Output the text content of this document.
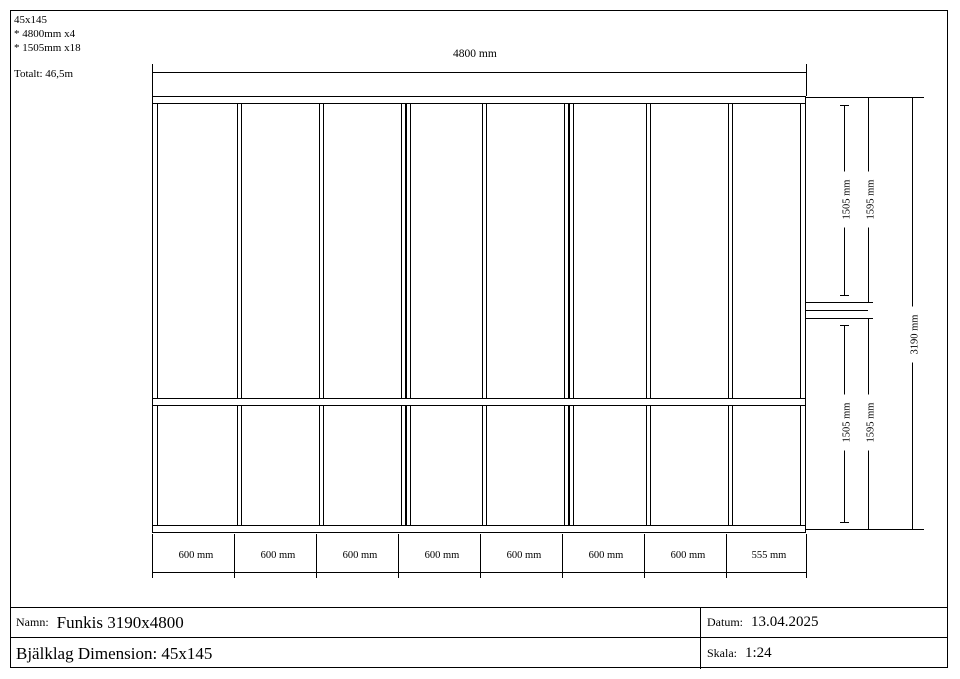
45x145
* 4800mm x4
* 1505mm x18
Totalt: 46,5m
4800 mm
1505 mm 1595 mm
1505 mm 1595 mm
3190 mm
600 mm	600 mm	600 mm	600 mm	600 mm	600 mm	600 mm	555 mm
Namn: Funkis 3190x4800	Datum: 13.04.2025
Bjälklag Dimension: 45x145	Skala: 1:24
